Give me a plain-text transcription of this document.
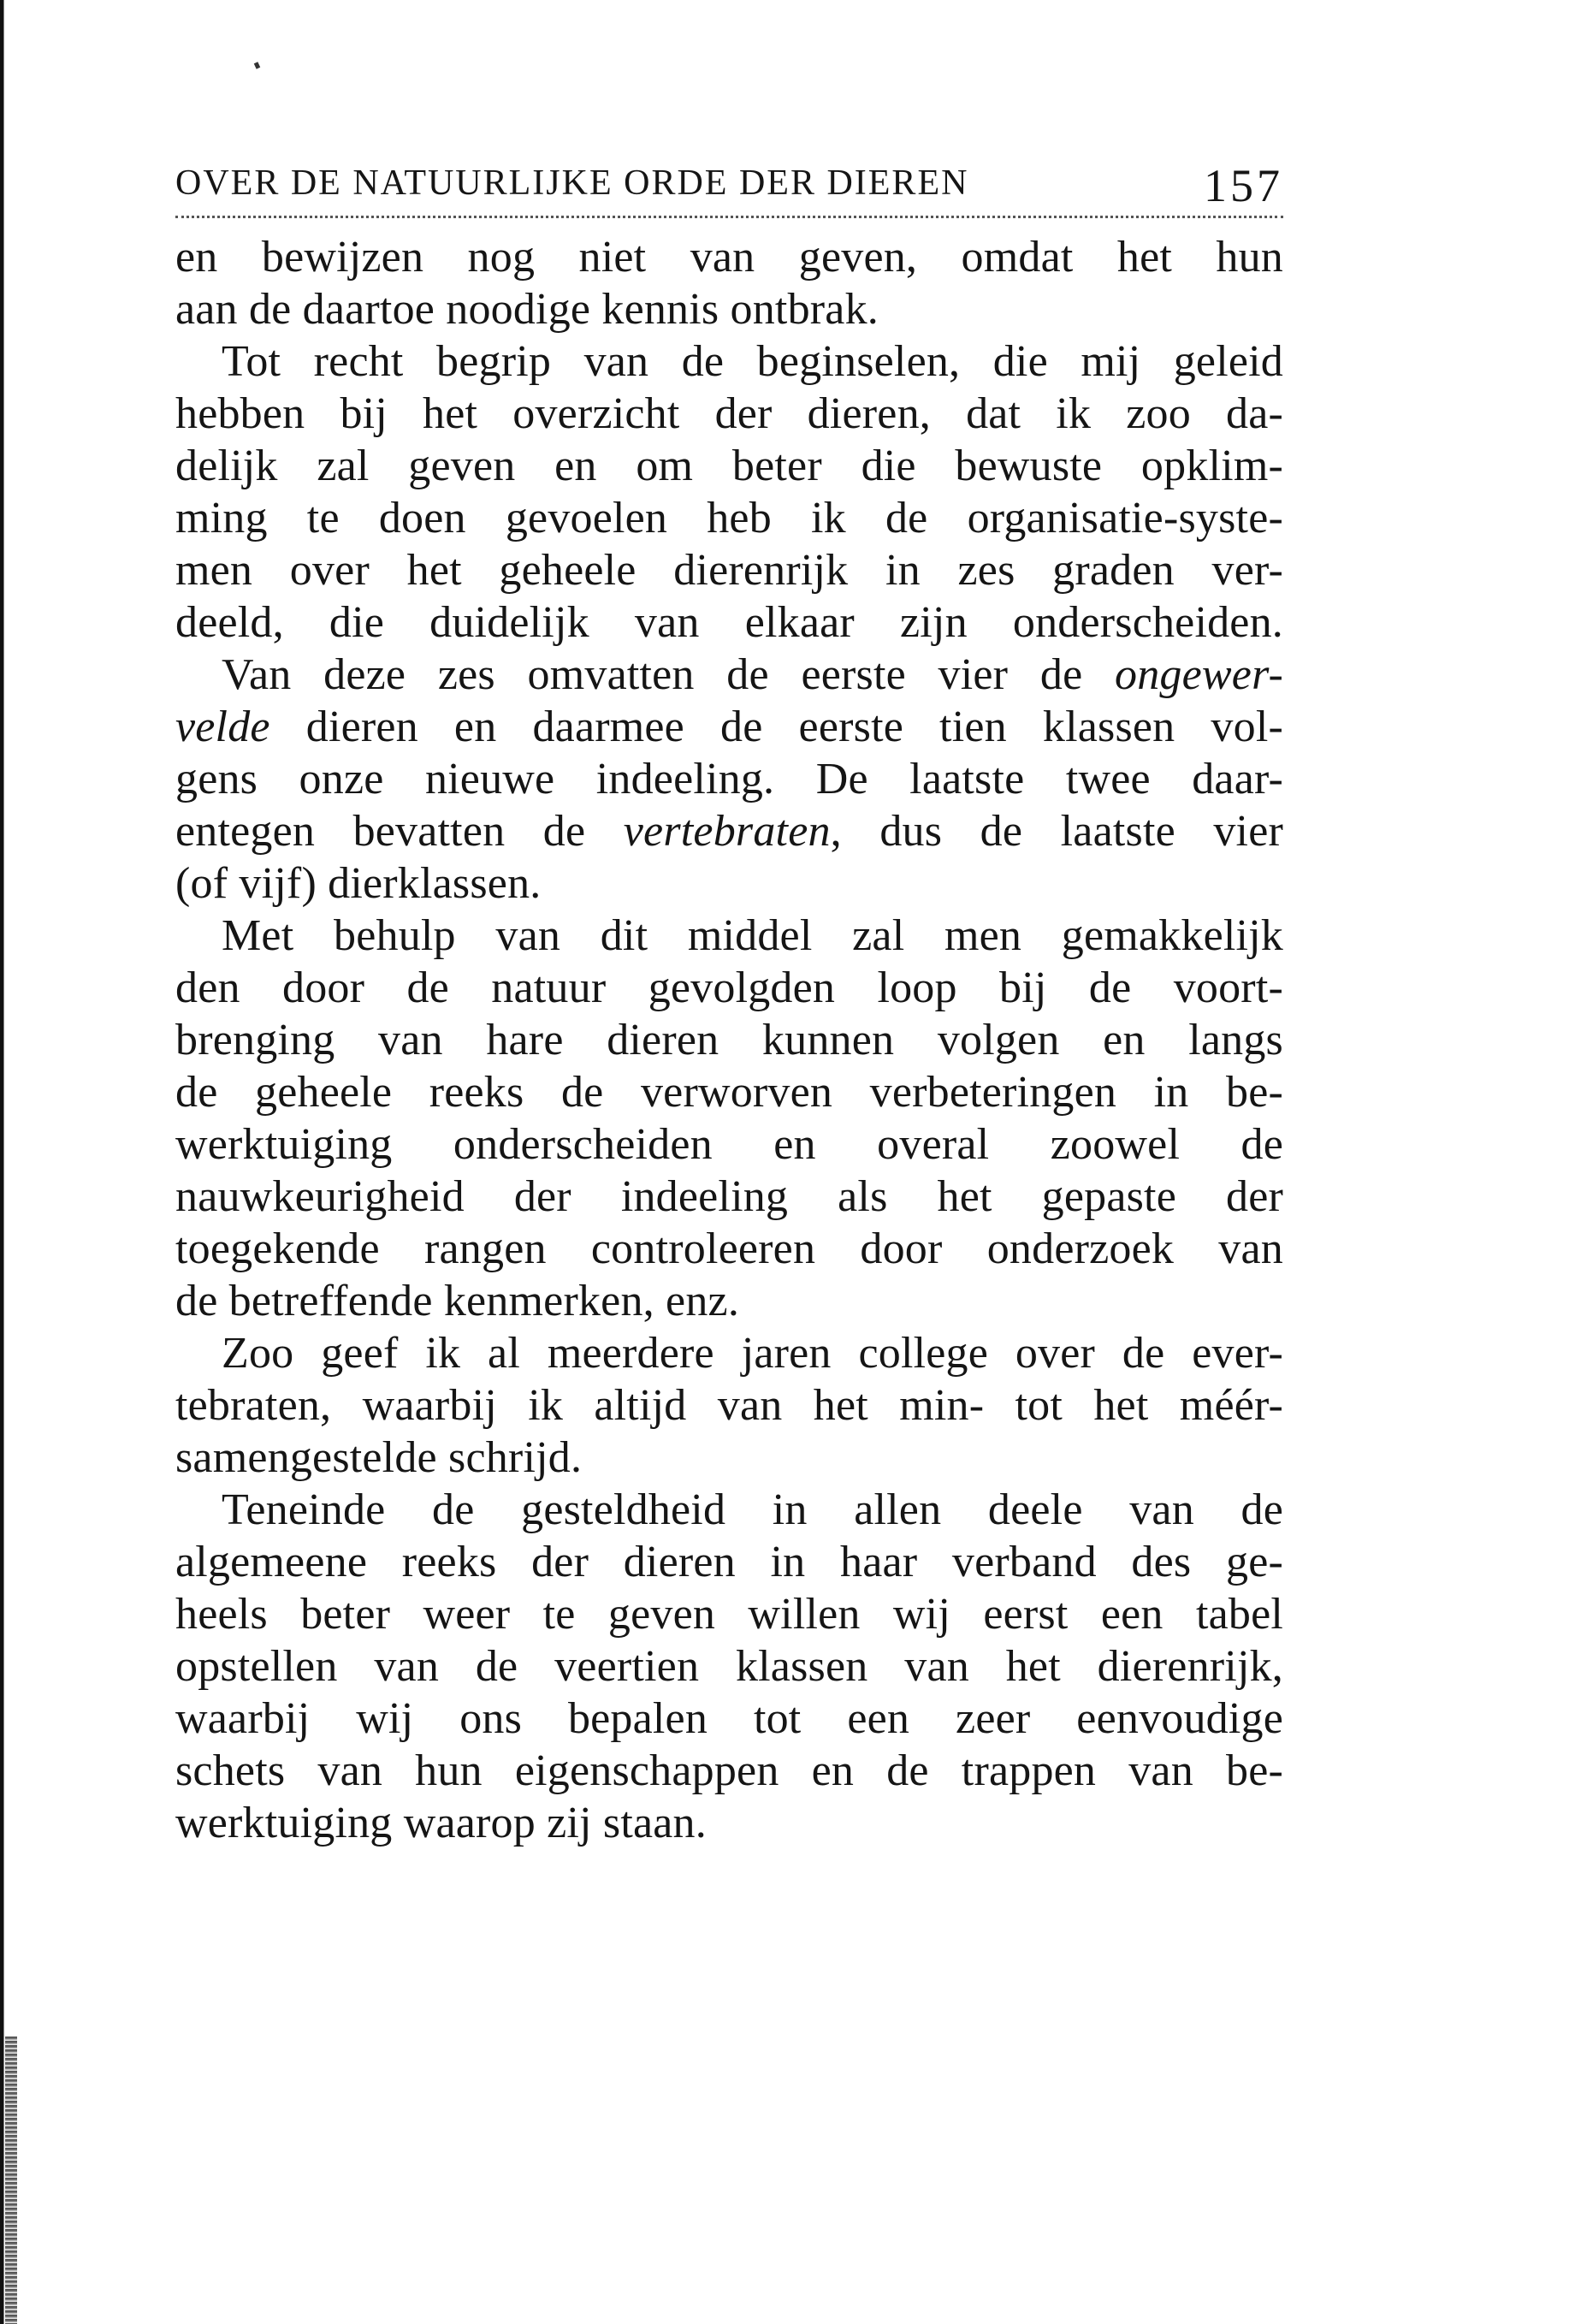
OVER DE NATUURLIJKE ORDE DER DIEREN	157
en bewijzen nog niet van geven, omdat het hun
aan de daartoe noodige kennis ontbrak.
Tot recht begrip van de beginselen, die mij geleid
hebben bij het overzicht der dieren, dat ik zoo da-
delijk zal geven en om beter die bewuste opklim-
ming te doen gevoelen heb ik de organisatie-syste-
men over het geheele dierenrijk in zes graden ver-
deeld, die duidelijk van elkaar zijn onderscheiden.
Van deze zes omvatten de eerste vier de ongewer-
velde dieren en daarmee de eerste tien klassen vol-
gens onze nieuwe indeeling. De laatste twee daar-
entegen bevatten de vertebraten, dus de laatste vier
(of vijf) dierklassen.
Met behulp van dit middel zal men gemakkelijk
den door de natuur gevolgden loop bij de voort-
brenging van hare dieren kunnen volgen en langs
de geheele reeks de verworven verbeteringen in be-
werktuiging onderscheiden en overal zoowel de
nauwkeurigheid der indeeling als het gepaste der
toegekende rangen controleeren door onderzoek van
de betreffende kenmerken, enz.
Zoo geef ik al meerdere jaren college over de ever-
tebraten, waarbij ik altijd van het min- tot het méér-
samengestelde schrijd.
Teneinde de gesteldheid in allen deele van de
algemeene reeks der dieren in haar verband des ge-
heels beter weer te geven willen wij eerst een tabel
opstellen van de veertien klassen van het dierenrijk,
waarbij wij ons bepalen tot een zeer eenvoudige
schets van hun eigenschappen en de trappen van be-
werktuiging waarop zij staan.
